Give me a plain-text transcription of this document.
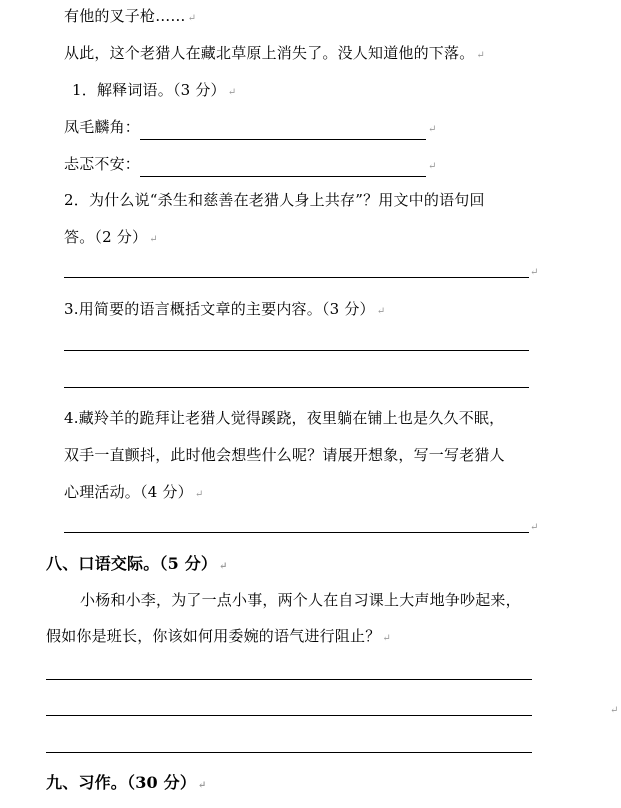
有他的叉子枪…… ↵
从此，这个老猎人在藏北草原上消失了。没人知道他的下落。 ↵
1．解释词语。（3 分） ↵
凤毛麟角：	↵
忐忑不安：	↵
2．为什么说“杀生和慈善在老猎人身上共存”？用文中的语句回
答。（2 分） ↵
↵
3.用简要的语言概括文章的主要内容。（3 分） ↵
4.藏羚羊的跪拜让老猎人觉得蹊跷，夜里躺在铺上也是久久不眠，
双手一直颤抖，此时他会想些什么呢？请展开想象，写一写老猎人
心理活动。（4 分） ↵
↵
八、口语交际。（5 分） ↵
小杨和小李，为了一点小事，两个人在自习课上大声地争吵起来，
假如你是班长，你该如何用委婉的语气进行阻止？ ↵
↵
九、习作。（30 分） ↵
